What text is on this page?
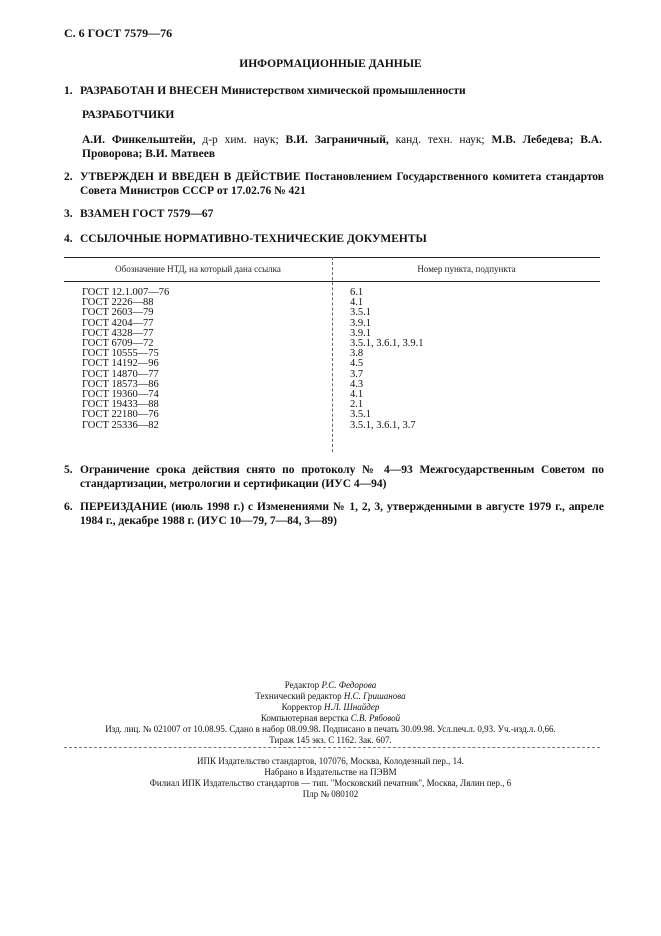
С. 6 ГОСТ 7579—76
ИНФОРМАЦИОННЫЕ ДАННЫЕ
1. РАЗРАБОТАН И ВНЕСЕН Министерством химической промышленности
РАЗРАБОТЧИКИ
А.И. Финкельштейн, д-р хим. наук; В.И. Заграничный, канд. техн. наук; М.В. Лебедева; В.А. Проворова; В.И. Матвеев
2. УТВЕРЖДЕН И ВВЕДЕН В ДЕЙСТВИЕ Постановлением Государственного комитета стандартов Совета Министров СССР от 17.02.76 № 421
3. ВЗАМЕН ГОСТ 7579—67
4. ССЫЛОЧНЫЕ НОРМАТИВНО-ТЕХНИЧЕСКИЕ ДОКУМЕНТЫ
Обозначение НТД, на который дана ссылка	Номер пункта, подпункта
ГОСТ 12.1.007—76	6.1
ГОСТ 2226—88	4.1
ГОСТ 2603—79	3.5.1
ГОСТ 4204—77	3.9.1
ГОСТ 4328—77	3.9.1
ГОСТ 6709—72	3.5.1, 3.6.1, 3.9.1
ГОСТ 10555—75	3.8
ГОСТ 14192—96	4.5
ГОСТ 14870—77	3.7
ГОСТ 18573—86	4.3
ГОСТ 19360—74	4.1
ГОСТ 19433—88	2.1
ГОСТ 22180—76	3.5.1
ГОСТ 25336—82	3.5.1, 3.6.1, 3.7
5. Ограничение срока действия снято по протоколу № 4—93 Межгосударственным Советом по стандартизации, метрологии и сертификации (ИУС 4—94)
6. ПЕРЕИЗДАНИЕ (июль 1998 г.) с Изменениями № 1, 2, 3, утвержденными в августе 1979 г., апреле 1984 г., декабре 1988 г. (ИУС 10—79, 7—84, 3—89)
Редактор Р.С. Федорова
Технический редактор Н.С. Гришанова
Корректор Н.Л. Шнайдер
Компьютерная верстка С.В. Рябовой
Изд. лиц. № 021007 от 10.08.95. Сдано в набор 08.09.98. Подписано в печать 30.09.98. Усл.печ.л. 0,93. Уч.-изд.л. 0,66.
Тираж 145 экз. С 1162. Зак. 607.
ИПК Издательство стандартов, 107076, Москва, Колодезный пер., 14.
Набрано в Издательстве на ПЭВМ
Филиал ИПК Издательство стандартов — тип. "Московский печатник", Москва, Лялин пер., 6
Плр № 080102
